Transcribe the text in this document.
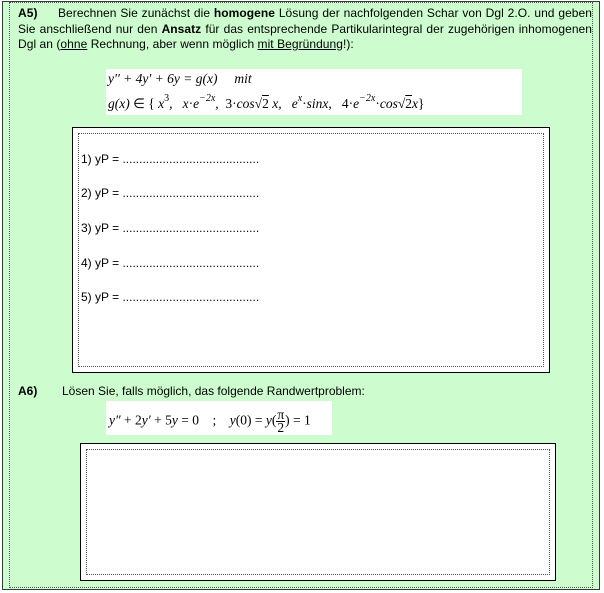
A5) Berechnen Sie zunächst die homogene Lösung der nachfolgenden Schar von Dgl 2.O. und geben Sie anschließend nur den Ansatz für das entsprechende Partikularintegral der zugehörigen inhomogenen Dgl an (ohne Rechnung, aber wenn möglich mit Begründung!):
y'' + 4y' + 6y = g(x) mit
g(x) ∈ { $x^3$,   $x\cdot e^{-2x}$,  3·cos√2 x,   $e^x\cdot\sin x$,   $4\cdot e^{-2x}\cdot\cos√2x$}
1) yP = .........................................
2) yP = .........................................
3) yP = .........................................
4) yP = .........................................
5) yP = .........................................
A6) Lösen Sie, falls möglich, das folgende Randwertproblem:
y″ + 2y′ + 5y = 0 ;    $y(0) = y( \frac{\pi}{2}$ ) = 1
